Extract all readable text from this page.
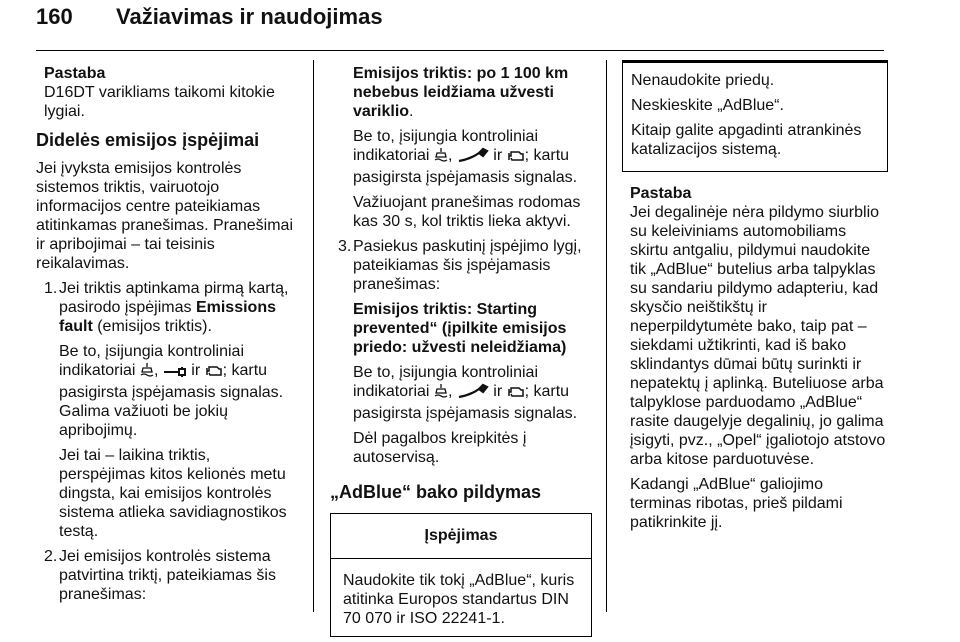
160 Važiavimas ir naudojimas

Pastaba
D16DT varikliams taikomi kitokie lygiai.

Didelės emisijos įspėjimai

Jei įvyksta emisijos kontrolės sistemos triktis, vairuotojo informacijos centre pateikiamas atitinkamas pranešimas. Pranešimai ir apribojimai – tai teisinis reikalavimas.

1. Jei triktis aptinkama pirmą kartą, pasirodo įspėjimas Emissions fault (emisijos triktis).

Be to, įsijungia kontroliniai indikatoriai ,  ir ; kartu pasigirsta įspėjamasis signalas. Galima važiuoti be jokių apribojimų.

Jei tai – laikina triktis, perspėjimas kitos kelionės metu dingsta, kai emisijos kontrolės sistema atlieka savidiagnostikos testą.

2. Jei emisijos kontrolės sistema patvirtina triktį, pateikiamas šis pranešimas:

Emisijos triktis: po 1 100 km nebebus leidžiama užvesti variklio.

Be to, įsijungia kontroliniai indikatoriai ,  ir ; kartu pasigirsta įspėjamasis signalas.

Važiuojant pranešimas rodomas kas 30 s, kol triktis lieka aktyvi.

3. Pasiekus paskutinį įspėjimo lygį, pateikiamas šis įspėjamasis pranešimas:

Emisijos triktis: Starting prevented“ (įpilkite emisijos priedo: užvesti neleidžiama)

Be to, įsijungia kontroliniai indikatoriai ,  ir ; kartu pasigirsta įspėjamasis signalas.

Dėl pagalbos kreipkitės į autoservisą.

„AdBlue“ bako pildymas
Įspėjimas
Naudokite tik tokį „AdBlue“, kuris atitinka Europos standartus DIN 70 070 ir ISO 22241-1.

Nenaudokite priedų.

Neskieskite „AdBlue“.

Kitaip galite apgadinti atrankinės katalizacijos sistemą.

Pastaba
Jei degalinėje nėra pildymo siurblio su keleiviniams automobiliams skirtu antgaliu, pildymui naudokite tik „AdBlue“ butelius arba talpyklas su sandariu pildymo adapteriu, kad skysčio neištikštų ir neperpildytumėte bako, taip pat – siekdami užtikrinti, kad iš bako sklindantys dūmai būtų surinkti ir nepatektų į aplinką. Buteliuose arba talpyklose parduodamo „AdBlue“ rasite daugelyje degalinių, jo galima įsigyti, pvz., „Opel“ įgaliotojo atstovo arba kitose parduotuvėse.

Kadangi „AdBlue“ galiojimo terminas ribotas, prieš pildami patikrinkite jį.
